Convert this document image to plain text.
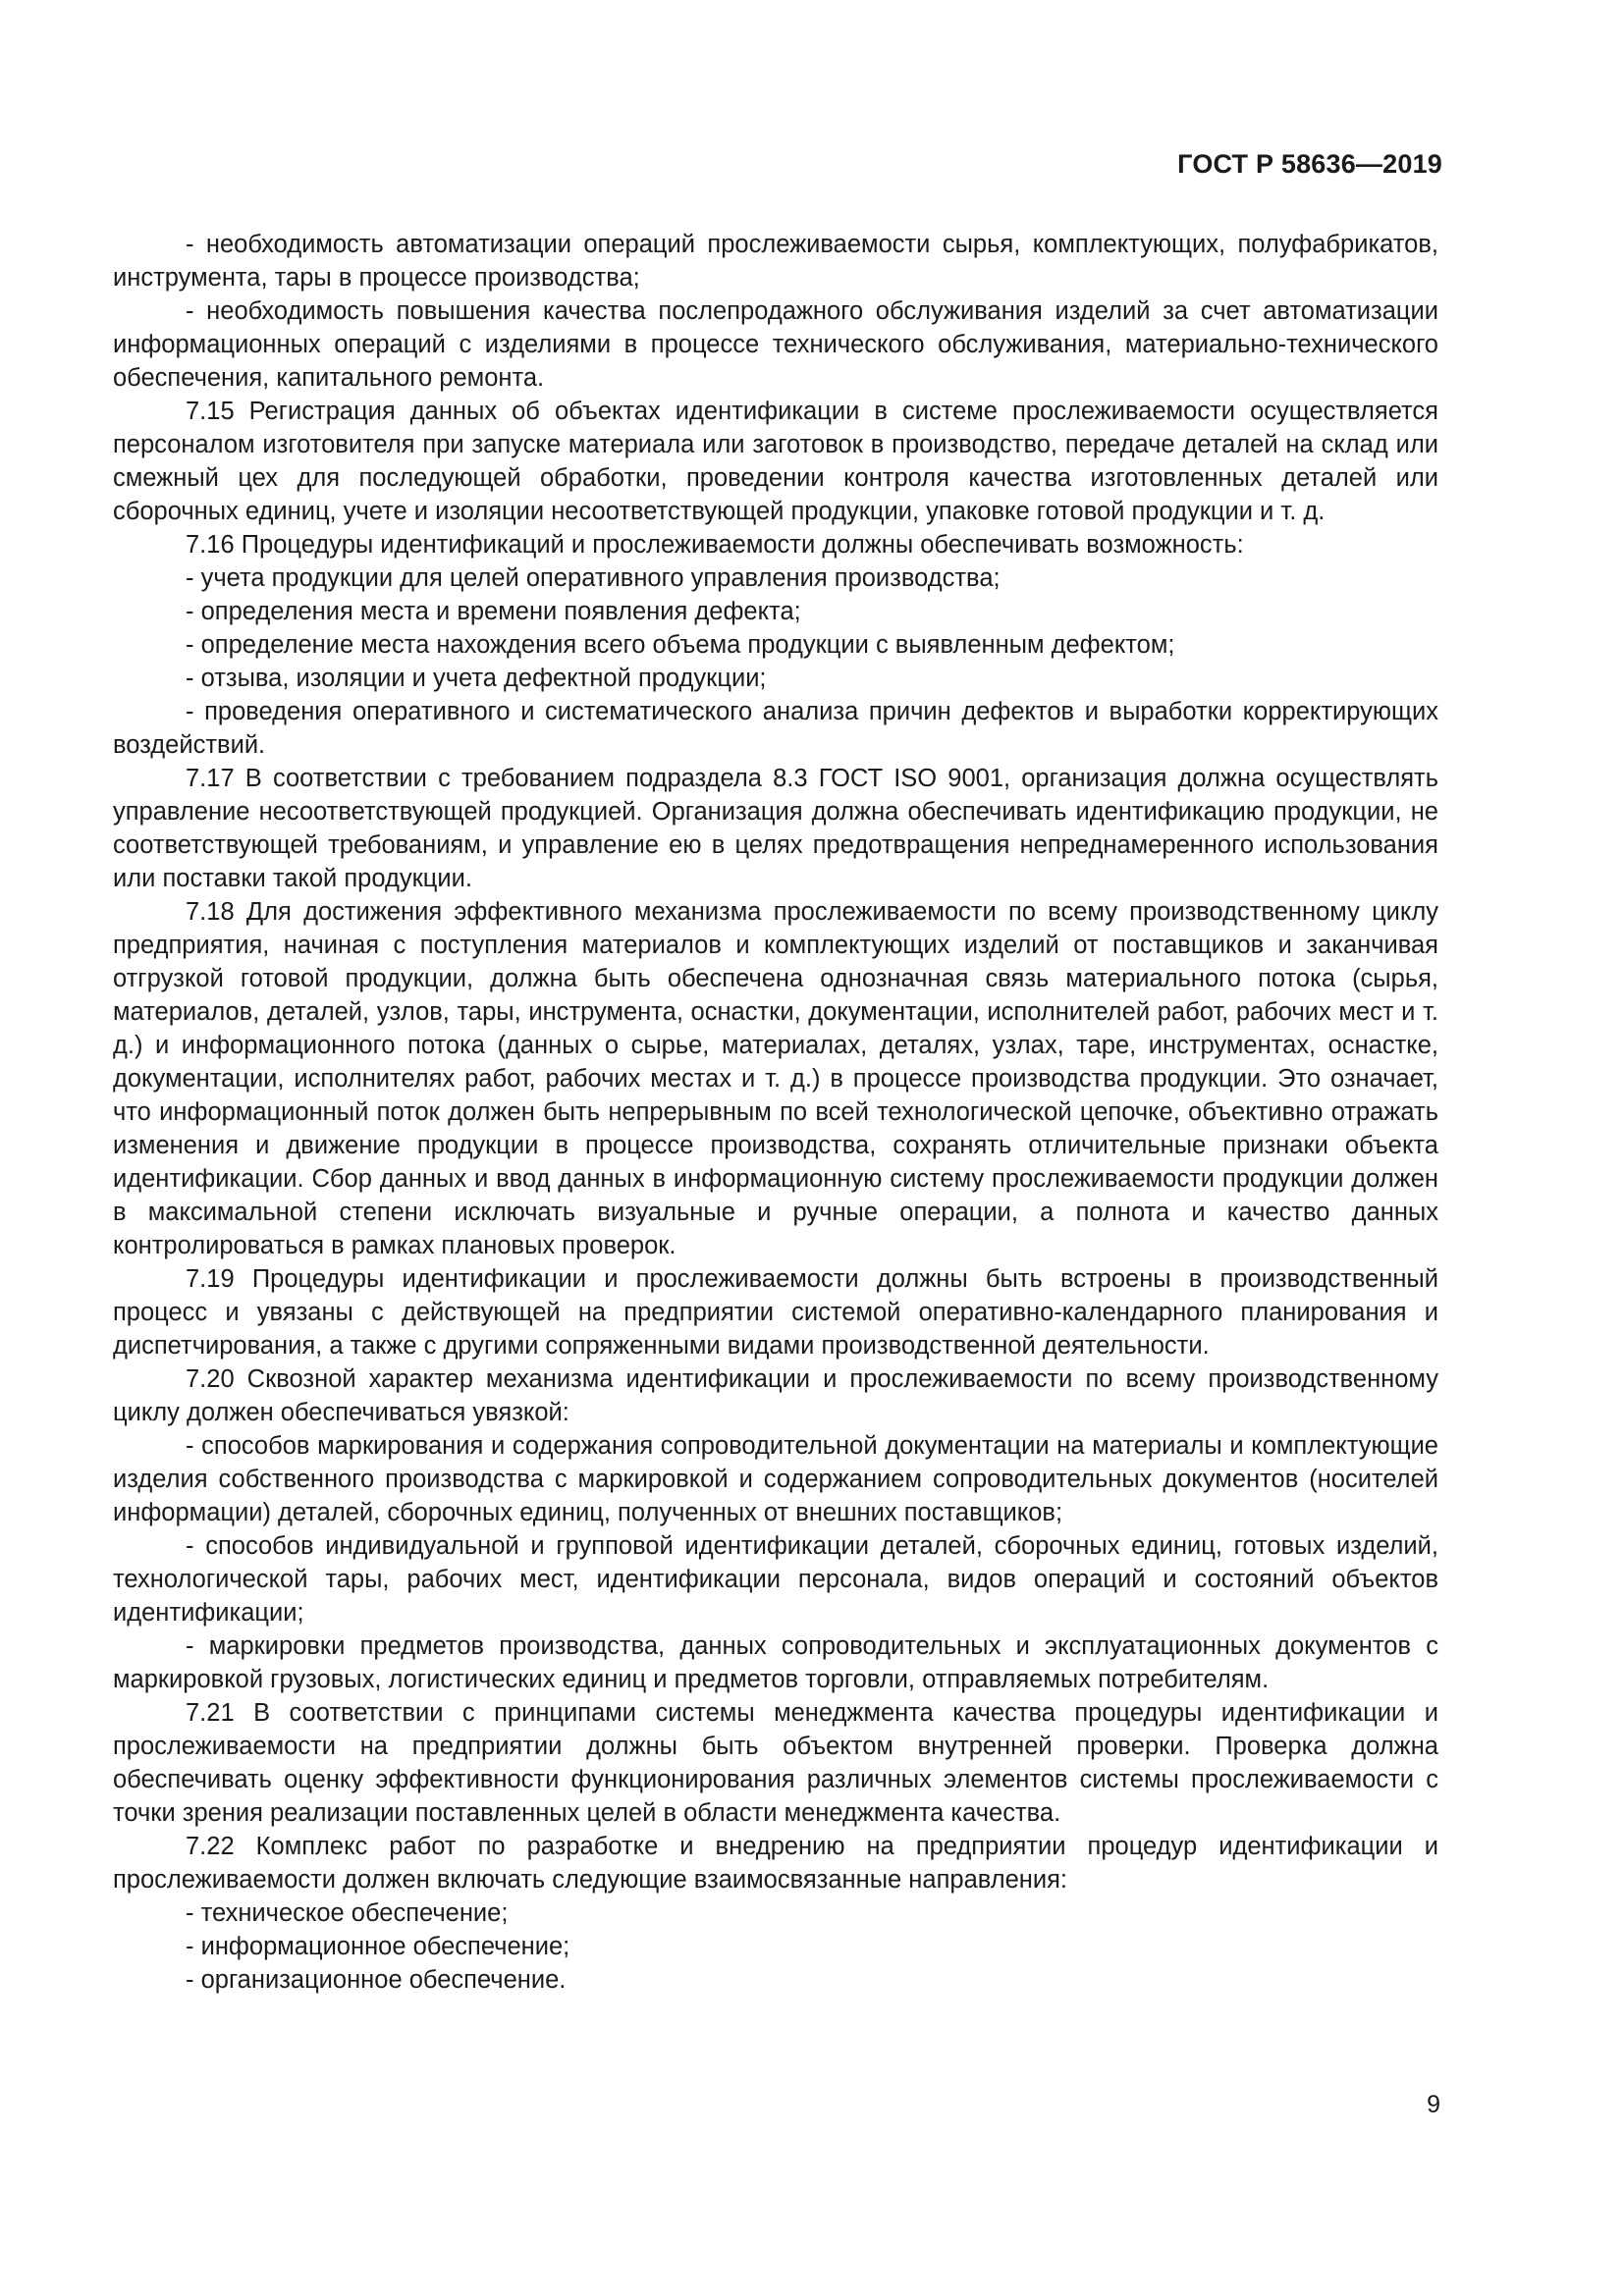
ГОСТ Р 58636—2019

- необходимость автоматизации операций прослеживаемости сырья, комплектующих, полуфабрикатов, инструмента, тары в процессе производства;

- необходимость повышения качества послепродажного обслуживания изделий за счет автоматизации информационных операций с изделиями в процессе технического обслуживания, материально-технического обеспечения, капитального ремонта.

7.15 Регистрация данных об объектах идентификации в системе прослеживаемости осуществляется персоналом изготовителя при запуске материала или заготовок в производство, передаче деталей на склад или смежный цех для последующей обработки, проведении контроля качества изготовленных деталей или сборочных единиц, учете и изоляции несоответствующей продукции, упаковке готовой продукции и т. д.

7.16 Процедуры идентификаций и прослеживаемости должны обеспечивать возможность:

- учета продукции для целей оперативного управления производства;

- определения места и времени появления дефекта;

- определение места нахождения всего объема продукции с выявленным дефектом;

- отзыва, изоляции и учета дефектной продукции;

- проведения оперативного и систематического анализа причин дефектов и выработки корректирующих воздействий.

7.17 В соответствии с требованием подраздела 8.3 ГОСТ ISO 9001, организация должна осуществлять управление несоответствующей продукцией. Организация должна обеспечивать идентификацию продукции, не соответствующей требованиям, и управление ею в целях предотвращения непреднамеренного использования или поставки такой продукции.

7.18 Для достижения эффективного механизма прослеживаемости по всему производственному циклу предприятия, начиная с поступления материалов и комплектующих изделий от поставщиков и заканчивая отгрузкой готовой продукции, должна быть обеспечена однозначная связь материального потока (сырья, материалов, деталей, узлов, тары, инструмента, оснастки, документации, исполнителей работ, рабочих мест и т. д.) и информационного потока (данных о сырье, материалах, деталях, узлах, таре, инструментах, оснастке, документации, исполнителях работ, рабочих местах и т. д.) в процессе производства продукции. Это означает, что информационный поток должен быть непрерывным по всей технологической цепочке, объективно отражать изменения и движение продукции в процессе производства, сохранять отличительные признаки объекта идентификации. Сбор данных и ввод данных в информационную систему прослеживаемости продукции должен в максимальной степени исключать визуальные и ручные операции, а полнота и качество данных контролироваться в рамках плановых проверок.

7.19 Процедуры идентификации и прослеживаемости должны быть встроены в производственный процесс и увязаны с действующей на предприятии системой оперативно-календарного планирования и диспетчирования, а также с другими сопряженными видами производственной деятельности.

7.20 Сквозной характер механизма идентификации и прослеживаемости по всему производственному циклу должен обеспечиваться увязкой:

- способов маркирования и содержания сопроводительной документации на материалы и комплектующие изделия собственного производства с маркировкой и содержанием сопроводительных документов (носителей информации) деталей, сборочных единиц, полученных от внешних поставщиков;

- способов индивидуальной и групповой идентификации деталей, сборочных единиц, готовых изделий, технологической тары, рабочих мест, идентификации персонала, видов операций и состояний объектов идентификации;

- маркировки предметов производства, данных сопроводительных и эксплуатационных документов с маркировкой грузовых, логистических единиц и предметов торговли, отправляемых потребителям.

7.21 В соответствии с принципами системы менеджмента качества процедуры идентификации и прослеживаемости на предприятии должны быть объектом внутренней проверки. Проверка должна обеспечивать оценку эффективности функционирования различных элементов системы прослеживаемости с точки зрения реализации поставленных целей в области менеджмента качества.

7.22 Комплекс работ по разработке и внедрению на предприятии процедур идентификации и прослеживаемости должен включать следующие взаимосвязанные направления:

- техническое обеспечение;

- информационное обеспечение;

- организационное обеспечение.

9
